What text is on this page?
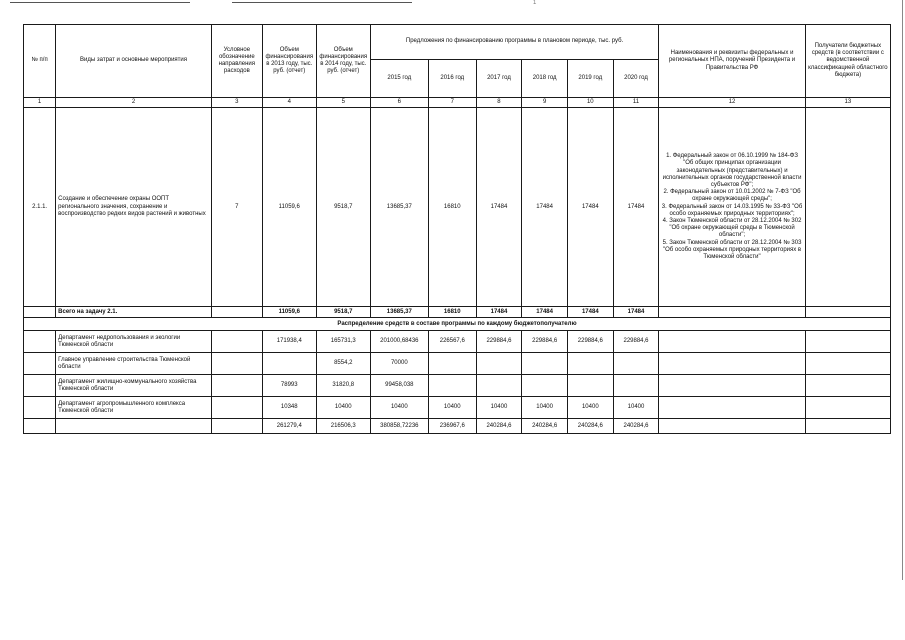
1
№ п/п	Виды затрат и основные мероприятия	Условное обозначение направления расходов	Объем финансирования в 2013 году, тыс. руб. (отчет)	Объем финансирования в 2014 году, тыс. руб. (отчет)	Предложения по финансированию программы в плановом периоде, тыс. руб.						Наименования и реквизиты федеральных и региональных НПА, поручений Президента и Правительства РФ	Получатели бюджетных средств (в соответствии с ведомственной классификацией областного бюджета)
					2015 год	2016 год	2017 год	2018 год	2019 год	2020 год		
1	2	3	4	5	6	7	8	9	10	11	12	13
2.1.1.	Создание и обеспечение охраны ООПТ регионального значения, сохранение и воспроизводство редких видов растений и животных	7	11059,6	9518,7	13685,37	16810	17484	17484	17484	17484	1. Федеральный закон от 06.10.1999 № 184-ФЗ "Об общих принципах организации законодательных (представительных) и исполнительных органов государственной власти субъектов РФ";
2. Федеральный закон от 10.01.2002 № 7-ФЗ "Об охране окружающей среды";
3. Федеральный закон от 14.03.1995 № 33-ФЗ "Об особо охраняемых природных территориях";
4. Закон Тюменской области от 28.12.2004 № 302 "Об охране окружающей среды в Тюменской области";
5. Закон Тюменской области от 28.12.2004 № 303 "Об особо охраняемых природных территориях в Тюменской области"	

	Всего на задачу 2.1.		11059,6	9518,7	13685,37	16810	17484	17484	17484	17484		
Распределение средств в составе программы по каждому бюджетополучателю												
	Департамент недропользования и экологии Тюменской области		171938,4	165731,3	201000,68436	226567,6	229884,6	229884,6	229884,6	229884,6		
	Главное управление строительства Тюменской области			8554,2	70000							
	Департамент жилищно-коммунального хозяйства Тюменской области		78993	31820,8	99458,038							
	Департамент агропромышленного комплекса Тюменской области		10348	10400	10400	10400	10400	10400	10400	10400		
			261279,4	216506,3	380858,72236	236967,6	240284,6	240284,6	240284,6	240284,6		
